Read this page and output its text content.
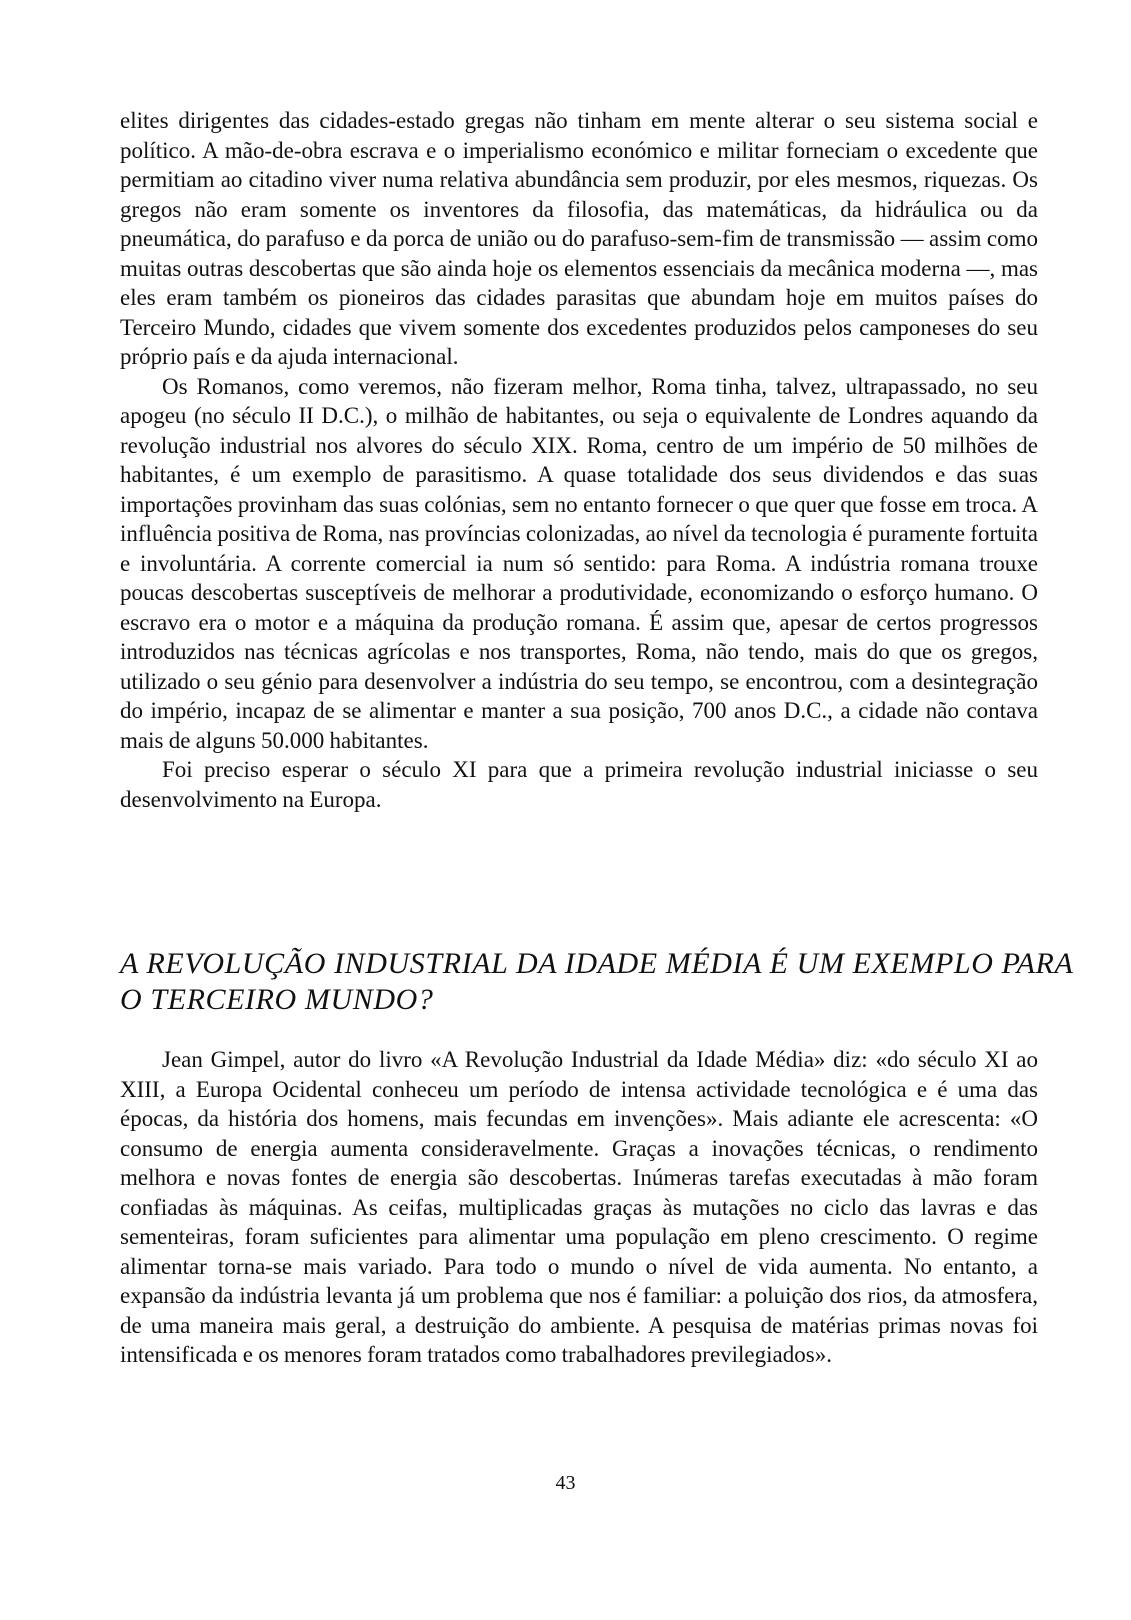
elites dirigentes das cidades-estado gregas não tinham em mente alterar o seu sistema social e político. A mão-de-obra escrava e o imperialismo económico e militar forneciam o excedente que permitiam ao citadino viver numa relativa abundância sem produzir, por eles mesmos, riquezas. Os gregos não eram somente os inventores da filosofia, das matemáticas, da hidráulica ou da pneumática, do parafuso e da porca de união ou do parafuso-sem-fim de transmissão — assim como muitas outras descobertas que são ainda hoje os elementos essenciais da mecânica moderna —, mas eles eram também os pioneiros das cidades parasitas que abundam hoje em muitos países do Terceiro Mundo, cidades que vivem somente dos excedentes produzidos pelos camponeses do seu próprio país e da ajuda internacional.

Os Romanos, como veremos, não fizeram melhor, Roma tinha, talvez, ultrapassado, no seu apogeu (no século II D.C.), o milhão de habitantes, ou seja o equivalente de Londres aquando da revolução industrial nos alvores do século XIX. Roma, centro de um império de 50 milhões de habitantes, é um exemplo de parasitismo. A quase totalidade dos seus dividendos e das suas importações provinham das suas colónias, sem no entanto fornecer o que quer que fosse em troca. A influência positiva de Roma, nas províncias colonizadas, ao nível da tecnologia é puramente fortuita e involuntária. A corrente comercial ia num só sentido: para Roma. A indústria romana trouxe poucas descobertas susceptíveis de melhorar a produtividade, economizando o esforço humano. O escravo era o motor e a máquina da produção romana. É assim que, apesar de certos progressos introduzidos nas técnicas agrícolas e nos transportes, Roma, não tendo, mais do que os gregos, utilizado o seu génio para desenvolver a indústria do seu tempo, se encontrou, com a desintegração do império, incapaz de se alimentar e manter a sua posição, 700 anos D.C., a cidade não contava mais de alguns 50.000 habitantes.

Foi preciso esperar o século XI para que a primeira revolução industrial iniciasse o seu desenvolvimento na Europa.

A REVOLUÇÃO INDUSTRIAL DA IDADE MÉDIA É UM EXEMPLO PARA O TERCEIRO MUNDO?

Jean Gimpel, autor do livro «A Revolução Industrial da Idade Média» diz: «do século XI ao XIII, a Europa Ocidental conheceu um período de intensa actividade tecnológica e é uma das épocas, da história dos homens, mais fecundas em invenções». Mais adiante ele acrescenta: «O consumo de energia aumenta consideravelmente. Graças a inovações técnicas, o rendimento melhora e novas fontes de energia são descobertas. Inúmeras tarefas executadas à mão foram confiadas às máquinas. As ceifas, multiplicadas graças às mutações no ciclo das lavras e das sementeiras, foram suficientes para alimentar uma população em pleno crescimento. O regime alimentar torna-se mais variado. Para todo o mundo o nível de vida aumenta. No entanto, a expansão da indústria levanta já um problema que nos é familiar: a poluição dos rios, da atmosfera, de uma maneira mais geral, a destruição do ambiente. A pesquisa de matérias primas novas foi intensificada e os menores foram tratados como trabalhadores previlegiados».

43
